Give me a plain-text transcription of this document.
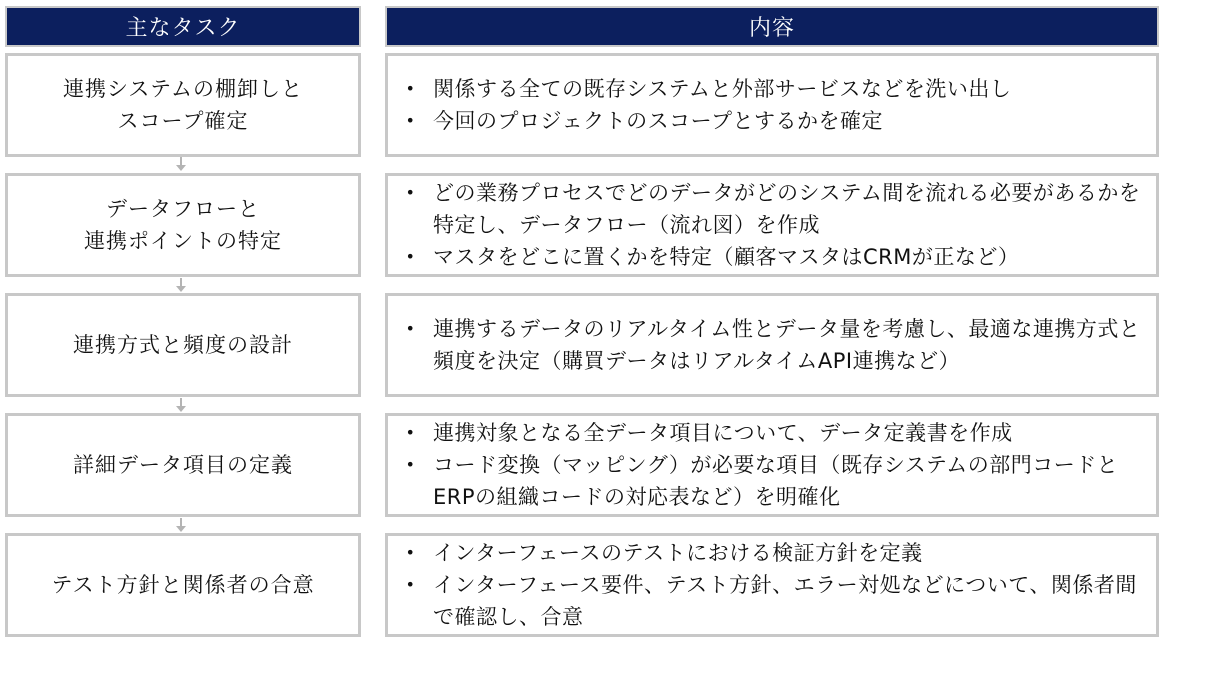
主なタスク	内容
連携システムの棚卸しと
スコープ確定
• 関係する全ての既存システムと外部サービスなどを洗い出し
• 今回のプロジェクトのスコープとするかを確定
データフローと
連携ポイントの特定
• どの業務プロセスでどのデータがどのシステム間を流れる必要があるかを特定し、データフロー（流れ図）を作成
• マスタをどこに置くかを特定（顧客マスタはCRMが正など）
連携方式と頻度の設計
• 連携するデータのリアルタイム性とデータ量を考慮し、最適な連携方式と頻度を決定（購買データはリアルタイムAPI連携など）
詳細データ項目の定義
• 連携対象となる全データ項目について、データ定義書を作成
• コード変換（マッピング）が必要な項目（既存システムの部門コードとERPの組織コードの対応表など）を明確化
テスト方針と関係者の合意
• インターフェースのテストにおける検証方針を定義
• インターフェース要件、テスト方針、エラー対処などについて、関係者間で確認し、合意
